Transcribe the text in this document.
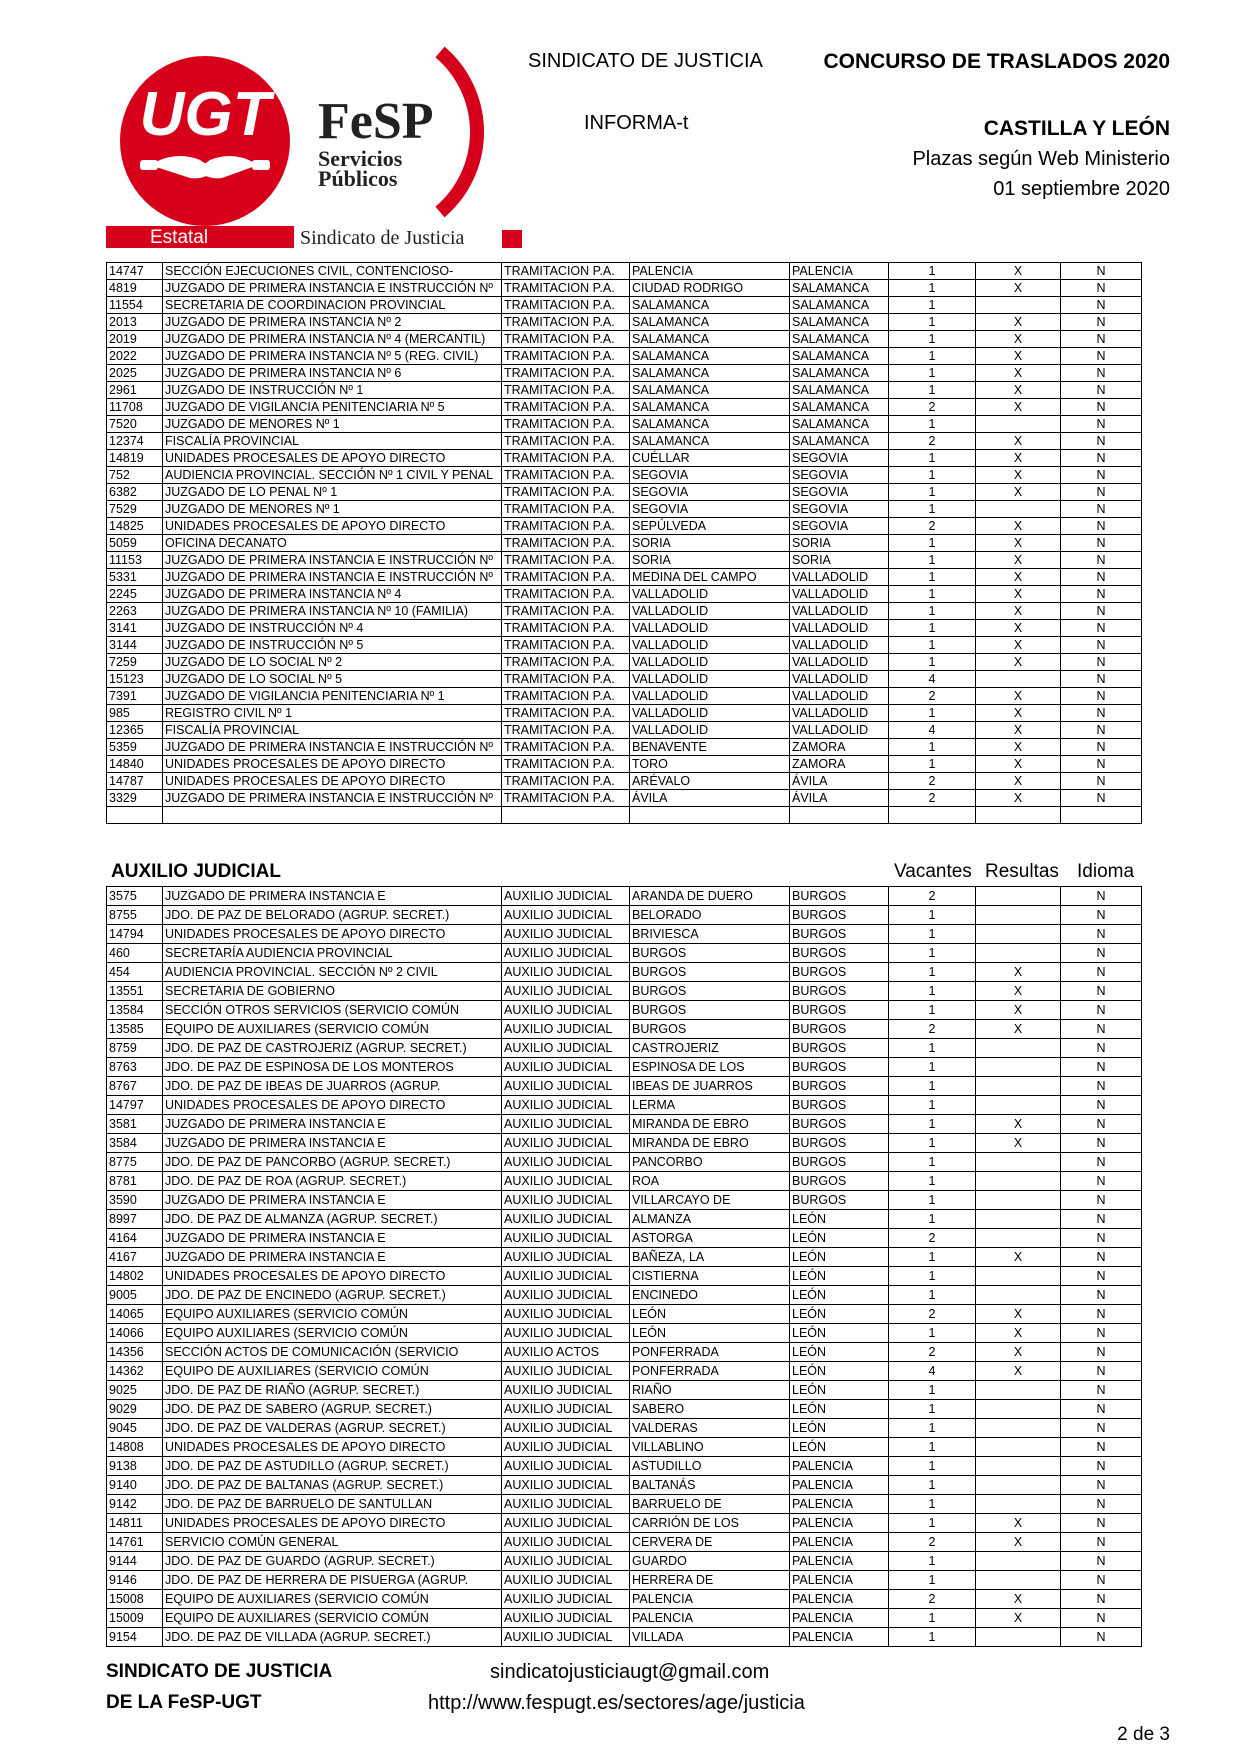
UGT FeSP
Servicios
Públicos
Estatal	Sindicato de Justicia
SINDICATO DE JUSTICIA
INFORMA-t
CONCURSO DE TRASLADOS 2020
CASTILLA Y LEÓN
Plazas según Web Ministerio
01 septiembre 2020
14747	SECCIÓN EJECUCIONES CIVIL, CONTENCIOSO-	TRAMITACION P.A.	PALENCIA	PALENCIA	1	X	N
4819	JUZGADO DE PRIMERA INSTANCIA E INSTRUCCIÓN Nº	TRAMITACION P.A.	CIUDAD RODRIGO	SALAMANCA	1	X	N
11554	SECRETARIA DE COORDINACION PROVINCIAL	TRAMITACION P.A.	SALAMANCA	SALAMANCA	1		N
2013	JUZGADO DE PRIMERA INSTANCIA Nº 2	TRAMITACION P.A.	SALAMANCA	SALAMANCA	1	X	N
2019	JUZGADO DE PRIMERA INSTANCIA Nº 4 (MERCANTIL)	TRAMITACION P.A.	SALAMANCA	SALAMANCA	1	X	N
2022	JUZGADO DE PRIMERA INSTANCIA Nº 5 (REG. CIVIL)	TRAMITACION P.A.	SALAMANCA	SALAMANCA	1	X	N
2025	JUZGADO DE PRIMERA INSTANCIA Nº 6	TRAMITACION P.A.	SALAMANCA	SALAMANCA	1	X	N
2961	JUZGADO DE INSTRUCCIÓN Nº 1	TRAMITACION P.A.	SALAMANCA	SALAMANCA	1	X	N
11708	JUZGADO DE VIGILANCIA PENITENCIARIA Nº 5	TRAMITACION P.A.	SALAMANCA	SALAMANCA	2	X	N
7520	JUZGADO DE MENORES Nº 1	TRAMITACION P.A.	SALAMANCA	SALAMANCA	1		N
12374	FISCALÍA PROVINCIAL	TRAMITACION P.A.	SALAMANCA	SALAMANCA	2	X	N
14819	UNIDADES PROCESALES DE APOYO DIRECTO	TRAMITACION P.A.	CUÉLLAR	SEGOVIA	1	X	N
752	AUDIENCIA PROVINCIAL. SECCIÓN Nº 1 CIVIL Y PENAL	TRAMITACION P.A.	SEGOVIA	SEGOVIA	1	X	N
6382	JUZGADO DE LO PENAL Nº 1	TRAMITACION P.A.	SEGOVIA	SEGOVIA	1	X	N
7529	JUZGADO DE MENORES Nº 1	TRAMITACION P.A.	SEGOVIA	SEGOVIA	1		N
14825	UNIDADES PROCESALES DE APOYO DIRECTO	TRAMITACION P.A.	SEPÚLVEDA	SEGOVIA	2	X	N
5059	OFICINA DECANATO	TRAMITACION P.A.	SORIA	SORIA	1	X	N
11153	JUZGADO DE PRIMERA INSTANCIA E INSTRUCCIÓN Nº	TRAMITACION P.A.	SORIA	SORIA	1	X	N
5331	JUZGADO DE PRIMERA INSTANCIA E INSTRUCCIÓN Nº	TRAMITACION P.A.	MEDINA DEL CAMPO	VALLADOLID	1	X	N
2245	JUZGADO DE PRIMERA INSTANCIA Nº 4	TRAMITACION P.A.	VALLADOLID	VALLADOLID	1	X	N
2263	JUZGADO DE PRIMERA INSTANCIA Nº 10 (FAMILIA)	TRAMITACION P.A.	VALLADOLID	VALLADOLID	1	X	N
3141	JUZGADO DE INSTRUCCIÓN Nº 4	TRAMITACION P.A.	VALLADOLID	VALLADOLID	1	X	N
3144	JUZGADO DE INSTRUCCIÓN Nº 5	TRAMITACION P.A.	VALLADOLID	VALLADOLID	1	X	N
7259	JUZGADO DE LO SOCIAL Nº 2	TRAMITACION P.A.	VALLADOLID	VALLADOLID	1	X	N
15123	JUZGADO DE LO SOCIAL Nº 5	TRAMITACION P.A.	VALLADOLID	VALLADOLID	4		N
7391	JUZGADO DE VIGILANCIA PENITENCIARIA Nº 1	TRAMITACION P.A.	VALLADOLID	VALLADOLID	2	X	N
985	REGISTRO CIVIL Nº 1	TRAMITACION P.A.	VALLADOLID	VALLADOLID	1	X	N
12365	FISCALÍA PROVINCIAL	TRAMITACION P.A.	VALLADOLID	VALLADOLID	4	X	N
5359	JUZGADO DE PRIMERA INSTANCIA E INSTRUCCIÓN Nº	TRAMITACION P.A.	BENAVENTE	ZAMORA	1	X	N
14840	UNIDADES PROCESALES DE APOYO DIRECTO	TRAMITACION P.A.	TORO	ZAMORA	1	X	N
14787	UNIDADES PROCESALES DE APOYO DIRECTO	TRAMITACION P.A.	ARÉVALO	ÁVILA	2	X	N
3329	JUZGADO DE PRIMERA INSTANCIA E INSTRUCCIÓN Nº	TRAMITACION P.A.	ÁVILA	ÁVILA	2	X	N

AUXILIO JUDICIAL	Vacantes Resultas Idioma
3575	JUZGADO DE PRIMERA INSTANCIA E	AUXILIO JUDICIAL	ARANDA DE DUERO	BURGOS	2		N
8755	JDO. DE PAZ DE BELORADO (AGRUP. SECRET.)	AUXILIO JUDICIAL	BELORADO	BURGOS	1		N
14794	UNIDADES PROCESALES DE APOYO DIRECTO	AUXILIO JUDICIAL	BRIVIESCA	BURGOS	1		N
460	SECRETARÍA AUDIENCIA PROVINCIAL	AUXILIO JUDICIAL	BURGOS	BURGOS	1		N
454	AUDIENCIA PROVINCIAL. SECCIÓN Nº 2 CIVIL	AUXILIO JUDICIAL	BURGOS	BURGOS	1	X	N
13551	SECRETARIA DE GOBIERNO	AUXILIO JUDICIAL	BURGOS	BURGOS	1	X	N
13584	SECCIÓN OTROS SERVICIOS (SERVICIO COMÚN	AUXILIO JUDICIAL	BURGOS	BURGOS	1	X	N
13585	EQUIPO DE AUXILIARES (SERVICIO COMÚN	AUXILIO JUDICIAL	BURGOS	BURGOS	2	X	N
8759	JDO. DE PAZ DE CASTROJERIZ (AGRUP. SECRET.)	AUXILIO JUDICIAL	CASTROJERIZ	BURGOS	1		N
8763	JDO. DE PAZ DE ESPINOSA DE LOS MONTEROS	AUXILIO JUDICIAL	ESPINOSA DE LOS	BURGOS	1		N
8767	JDO. DE PAZ DE IBEAS DE JUARROS (AGRUP.	AUXILIO JUDICIAL	IBEAS DE JUARROS	BURGOS	1		N
14797	UNIDADES PROCESALES DE APOYO DIRECTO	AUXILIO JUDICIAL	LERMA	BURGOS	1		N
3581	JUZGADO DE PRIMERA INSTANCIA E	AUXILIO JUDICIAL	MIRANDA DE EBRO	BURGOS	1	X	N
3584	JUZGADO DE PRIMERA INSTANCIA E	AUXILIO JUDICIAL	MIRANDA DE EBRO	BURGOS	1	X	N
8775	JDO. DE PAZ DE PANCORBO (AGRUP. SECRET.)	AUXILIO JUDICIAL	PANCORBO	BURGOS	1		N
8781	JDO. DE PAZ DE ROA (AGRUP. SECRET.)	AUXILIO JUDICIAL	ROA	BURGOS	1		N
3590	JUZGADO DE PRIMERA INSTANCIA E	AUXILIO JUDICIAL	VILLARCAYO DE	BURGOS	1		N
8997	JDO. DE PAZ DE ALMANZA (AGRUP. SECRET.)	AUXILIO JUDICIAL	ALMANZA	LEÓN	1		N
4164	JUZGADO DE PRIMERA INSTANCIA E	AUXILIO JUDICIAL	ASTORGA	LEÓN	2		N
4167	JUZGADO DE PRIMERA INSTANCIA E	AUXILIO JUDICIAL	BAÑEZA, LA	LEÓN	1	X	N
14802	UNIDADES PROCESALES DE APOYO DIRECTO	AUXILIO JUDICIAL	CISTIERNA	LEÓN	1		N
9005	JDO. DE PAZ DE ENCINEDO (AGRUP. SECRET.)	AUXILIO JUDICIAL	ENCINEDO	LEÓN	1		N
14065	EQUIPO AUXILIARES (SERVICIO COMÚN	AUXILIO JUDICIAL	LEÓN	LEÓN	2	X	N
14066	EQUIPO AUXILIARES (SERVICIO COMÚN	AUXILIO JUDICIAL	LEÓN	LEÓN	1	X	N
14356	SECCIÓN ACTOS DE COMUNICACIÓN (SERVICIO	AUXILIO ACTOS	PONFERRADA	LEÓN	2	X	N
14362	EQUIPO DE AUXILIARES (SERVICIO COMÚN	AUXILIO JUDICIAL	PONFERRADA	LEÓN	4	X	N
9025	JDO. DE PAZ DE RIAÑO (AGRUP. SECRET.)	AUXILIO JUDICIAL	RIAÑO	LEÓN	1		N
9029	JDO. DE PAZ DE SABERO (AGRUP. SECRET.)	AUXILIO JUDICIAL	SABERO	LEÓN	1		N
9045	JDO. DE PAZ DE VALDERAS (AGRUP. SECRET.)	AUXILIO JUDICIAL	VALDERAS	LEÓN	1		N
14808	UNIDADES PROCESALES DE APOYO DIRECTO	AUXILIO JUDICIAL	VILLABLINO	LEÓN	1		N
9138	JDO. DE PAZ DE ASTUDILLO (AGRUP. SECRET.)	AUXILIO JUDICIAL	ASTUDILLO	PALENCIA	1		N
9140	JDO. DE PAZ DE BALTANAS (AGRUP. SECRET.)	AUXILIO JUDICIAL	BALTANÁS	PALENCIA	1		N
9142	JDO. DE PAZ DE BARRUELO DE SANTULLAN	AUXILIO JUDICIAL	BARRUELO DE	PALENCIA	1		N
14811	UNIDADES PROCESALES DE APOYO DIRECTO	AUXILIO JUDICIAL	CARRIÓN DE LOS	PALENCIA	1	X	N
14761	SERVICIO COMÚN GENERAL	AUXILIO JUDICIAL	CERVERA DE	PALENCIA	2	X	N
9144	JDO. DE PAZ DE GUARDO (AGRUP. SECRET.)	AUXILIO JUDICIAL	GUARDO	PALENCIA	1		N
9146	JDO. DE PAZ DE HERRERA DE PISUERGA (AGRUP.	AUXILIO JUDICIAL	HERRERA DE	PALENCIA	1		N
15008	EQUIPO DE AUXILIARES (SERVICIO COMÚN	AUXILIO JUDICIAL	PALENCIA	PALENCIA	2	X	N
15009	EQUIPO DE AUXILIARES (SERVICIO COMÚN	AUXILIO JUDICIAL	PALENCIA	PALENCIA	1	X	N
9154	JDO. DE PAZ DE VILLADA (AGRUP. SECRET.)	AUXILIO JUDICIAL	VILLADA	PALENCIA	1		N
SINDICATO DE JUSTICIA
DE LA FeSP-UGT
sindicatojusticiaugt@gmail.com
http://www.fespugt.es/sectores/age/justicia
2 de 3
